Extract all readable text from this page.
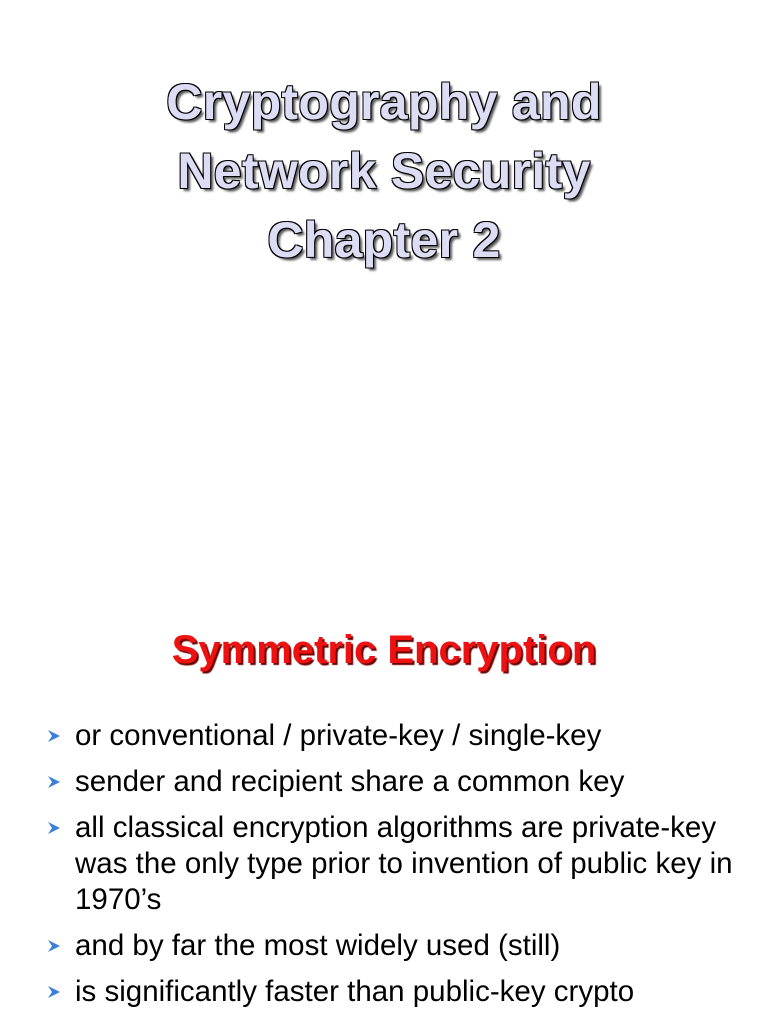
Cryptography and
Network Security
Chapter 2
Symmetric Encryption
or conventional / private-key / single-key
sender and recipient share a common key
all classical encryption algorithms are private-key was the only type prior to invention of public key in 1970’s
and by far the most widely used (still)
is significantly faster than public-key crypto
